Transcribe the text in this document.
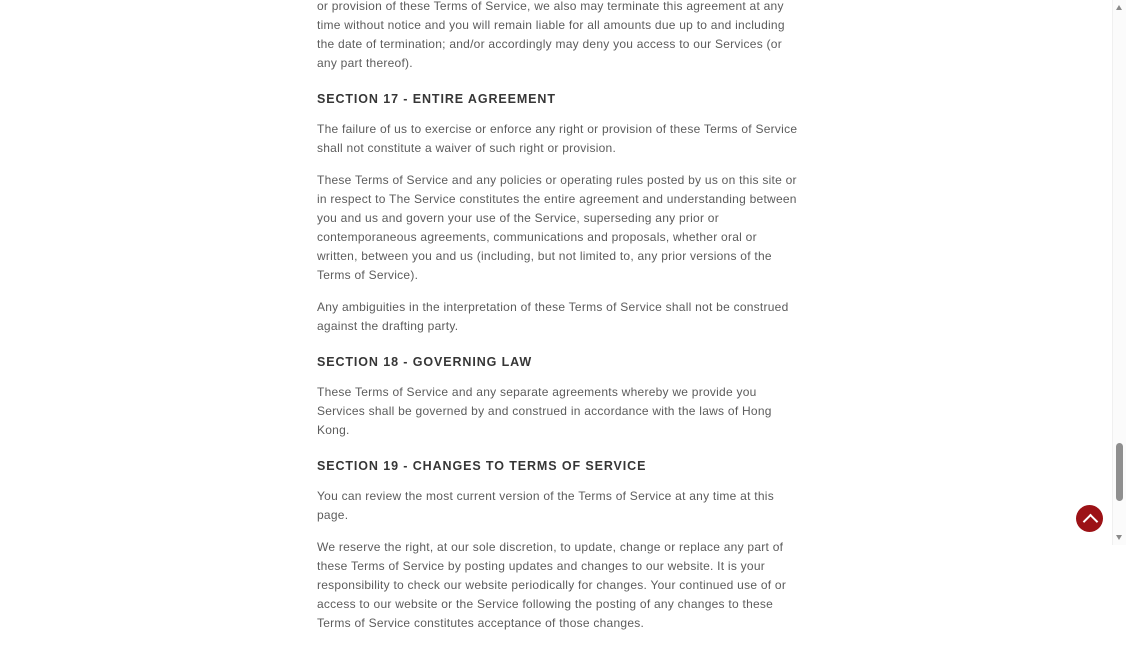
or provision of these Terms of Service, we also may terminate this agreement at any time without notice and you will remain liable for all amounts due up to and including the date of termination; and/or accordingly may deny you access to our Services (or any part thereof).

SECTION 17 - ENTIRE AGREEMENT

The failure of us to exercise or enforce any right or provision of these Terms of Service shall not constitute a waiver of such right or provision.

These Terms of Service and any policies or operating rules posted by us on this site or in respect to The Service constitutes the entire agreement and understanding between you and us and govern your use of the Service, superseding any prior or contemporaneous agreements, communications and proposals, whether oral or written, between you and us (including, but not limited to, any prior versions of the Terms of Service).

Any ambiguities in the interpretation of these Terms of Service shall not be construed against the drafting party.

SECTION 18 - GOVERNING LAW

These Terms of Service and any separate agreements whereby we provide you Services shall be governed by and construed in accordance with the laws of Hong Kong.

SECTION 19 - CHANGES TO TERMS OF SERVICE

You can review the most current version of the Terms of Service at any time at this page.

We reserve the right, at our sole discretion, to update, change or replace any part of these Terms of Service by posting updates and changes to our website. It is your responsibility to check our website periodically for changes. Your continued use of or access to our website or the Service following the posting of any changes to these Terms of Service constitutes acceptance of those changes.
